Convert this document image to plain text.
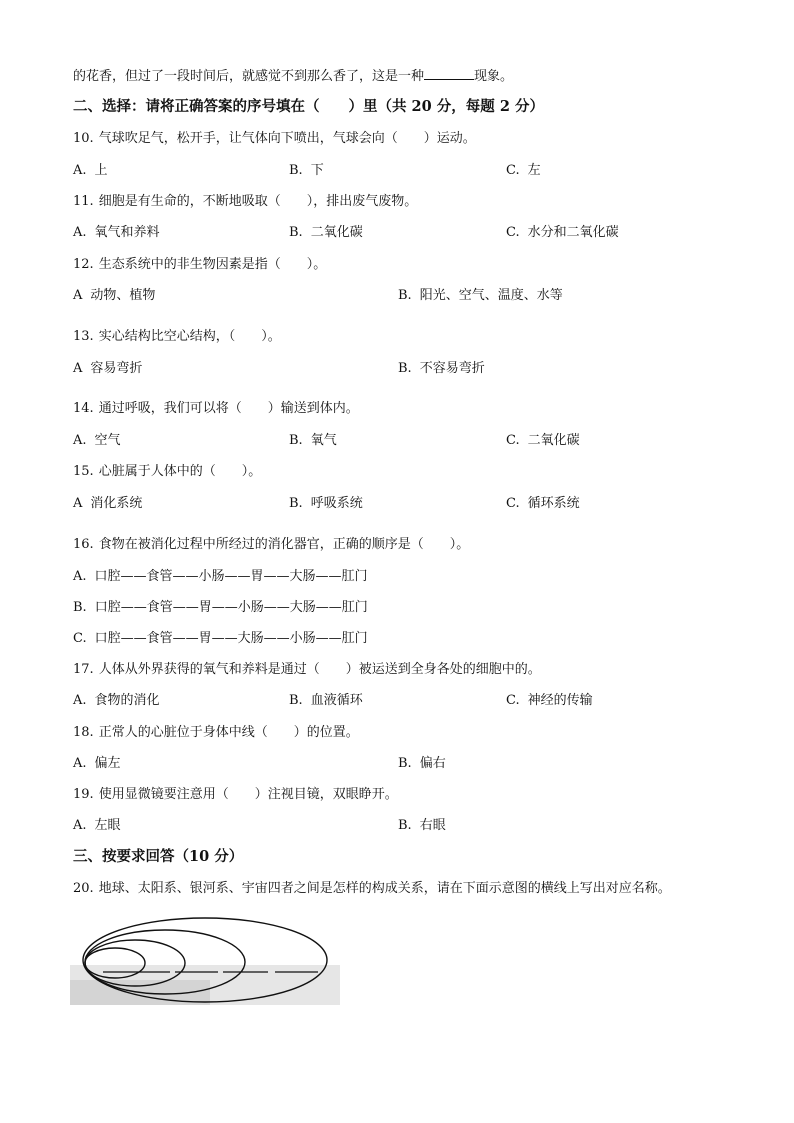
的花香，但过了一段时间后，就感觉不到那么香了，这是一种	现象。
二、选择：请将正确答案的序号填在（　　）里（共 20 分，每题 2 分）
10. 气球吹足气，松开手，让气体向下喷出，气球会向（　　）运动。
A. 上	B. 下	C. 左
11. 细胞是有生命的，不断地吸取（　　），排出废气废物。
A. 氧气和养料	B. 二氧化碳	C. 水分和二氧化碳
12. 生态系统中的非生物因素是指（　　）。
A 动物、植物	B. 阳光、空气、温度、水等
13. 实心结构比空心结构，（　　）。
A 容易弯折	B. 不容易弯折
14. 通过呼吸，我们可以将（　　）输送到体内。
A. 空气	B. 氧气	C. 二氧化碳
15. 心脏属于人体中的（　　）。
A 消化系统	B. 呼吸系统	C. 循环系统
16. 食物在被消化过程中所经过的消化器官，正确的顺序是（　　）。
A. 口腔——食管——小肠——胃——大肠——肛门
B. 口腔——食管——胃——小肠——大肠——肛门
C. 口腔——食管——胃——大肠——小肠——肛门
17. 人体从外界获得的氧气和养料是通过（　　）被运送到全身各处的细胞中的。
A. 食物的消化	B. 血液循环	C. 神经的传输
18. 正常人的心脏位于身体中线（　　）的位置。
A. 偏左	B. 偏右
19. 使用显微镜要注意用（　　）注视目镜，双眼睁开。
A. 左眼	B. 右眼
三、按要求回答（10 分）
20. 地球、太阳系、银河系、宇宙四者之间是怎样的构成关系，请在下面示意图的横线上写出对应名称。
